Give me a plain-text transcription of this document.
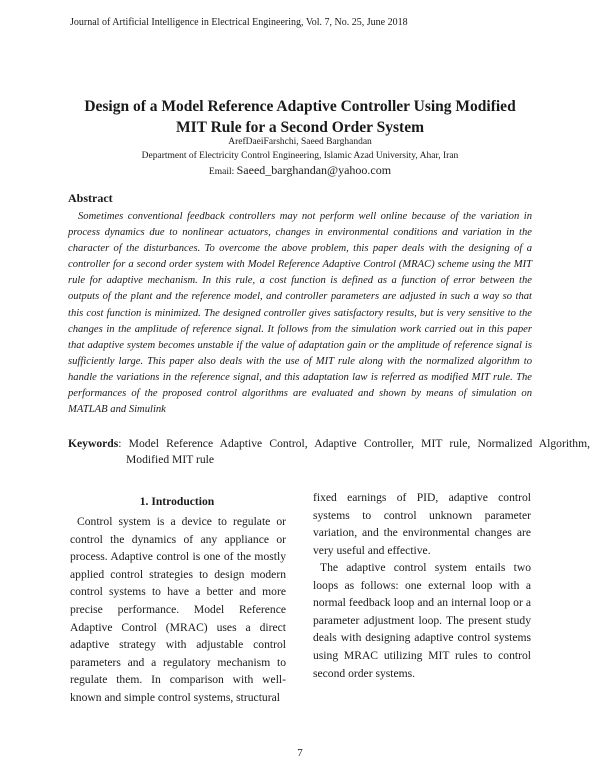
Journal of Artificial Intelligence in Electrical Engineering, Vol. 7, No. 25, June 2018
Design of a Model Reference Adaptive Controller Using Modified
MIT Rule for a Second Order System
ArefDaeiFarshchi, Saeed Barghandan
Department of Electricity Control Engineering, Islamic Azad University, Ahar, Iran
Email: Saeed_barghandan@yahoo.com
Abstract

Sometimes conventional feedback controllers may not perform well online because of the variation in process dynamics due to nonlinear actuators, changes in environmental conditions and variation in the character of the disturbances. To overcome the above problem, this paper deals with the designing of a controller for a second order system with Model Reference Adaptive Control (MRAC) scheme using the MIT rule for adaptive mechanism. In this rule, a cost function is defined as a function of error between the outputs of the plant and the reference model, and controller parameters are adjusted in such a way so that this cost function is minimized. The designed controller gives satisfactory results, but is very sensitive to the changes in the amplitude of reference signal. It follows from the simulation work carried out in this paper that adaptive system becomes unstable if the value of adaptation gain or the amplitude of reference signal is sufficiently large. This paper also deals with the use of MIT rule along with the normalized algorithm to handle the variations in the reference signal, and this adaptation law is referred as modified MIT rule. The performances of the proposed control algorithms are evaluated and shown by means of simulation on MATLAB and Simulink

Keywords: Model Reference Adaptive Control, Adaptive Controller, MIT rule, Normalized Algorithm, Modified MIT rule

1. Introduction

Control system is a device to regulate or control the dynamics of any appliance or process. Adaptive control is one of the mostly applied control strategies to design modern control systems to have a better and more precise performance. Model Reference Adaptive Control (MRAC) uses a direct adaptive strategy with adjustable control parameters and a regulatory mechanism to regulate them. In comparison with well-known and simple control systems, structural

fixed earnings of PID, adaptive control systems to control unknown parameter variation, and the environmental changes are very useful and effective.

The adaptive control system entails two loops as follows: one external loop with a normal feedback loop and an internal loop or a parameter adjustment loop. The present study deals with designing adaptive control systems using MRAC utilizing MIT rules to control second order systems.

7
